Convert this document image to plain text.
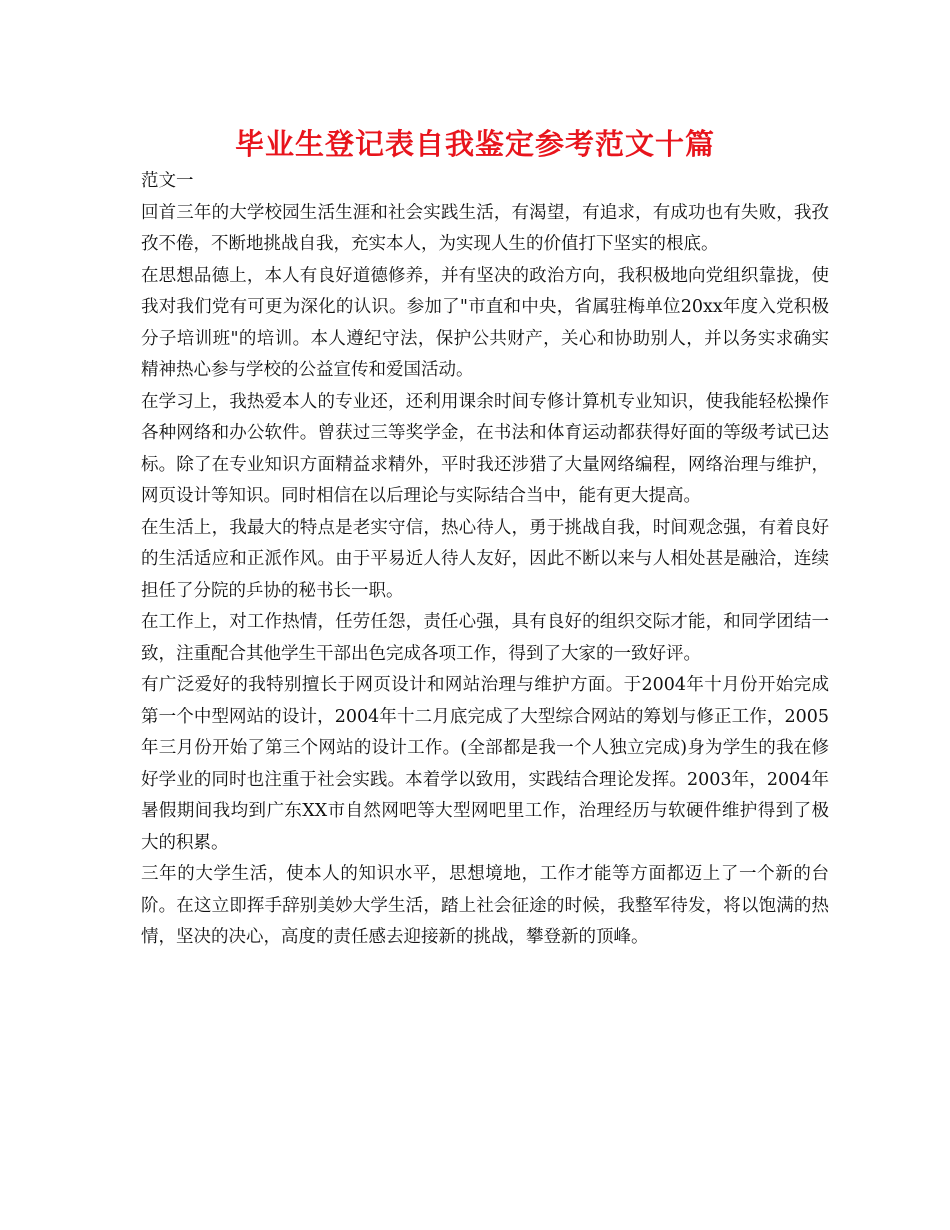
毕业生登记表自我鉴定参考范文十篇

范文一

回首三年的大学校园生活生涯和社会实践生活，有渴望，有追求，有成功也有失败，我孜孜不倦，不断地挑战自我，充实本人，为实现人生的价值打下坚实的根底。

在思想品德上，本人有良好道德修养，并有坚决的政治方向，我积极地向党组织靠拢，使我对我们党有可更为深化的认识。参加了"市直和中央，省属驻梅单位20xx年度入党积极分子培训班"的培训。本人遵纪守法，保护公共财产，关心和协助别人，并以务实求确实精神热心参与学校的公益宣传和爱国活动。

在学习上，我热爱本人的专业还，还利用课余时间专修计算机专业知识，使我能轻松操作各种网络和办公软件。曾获过三等奖学金，在书法和体育运动都获得好面的等级考试已达标。除了在专业知识方面精益求精外，平时我还涉猎了大量网络编程，网络治理与维护，网页设计等知识。同时相信在以后理论与实际结合当中，能有更大提高。

在生活上，我最大的特点是老实守信，热心待人，勇于挑战自我，时间观念强，有着良好的生活适应和正派作风。由于平易近人待人友好，因此不断以来与人相处甚是融洽，连续担任了分院的乒协的秘书长一职。

在工作上，对工作热情，任劳任怨，责任心强，具有良好的组织交际才能，和同学团结一致，注重配合其他学生干部出色完成各项工作，得到了大家的一致好评。

有广泛爱好的我特别擅长于网页设计和网站治理与维护方面。于2004年十月份开始完成第一个中型网站的设计，2004年十二月底完成了大型综合网站的筹划与修正工作，2005年三月份开始了第三个网站的设计工作。(全部都是我一个人独立完成)身为学生的我在修好学业的同时也注重于社会实践。本着学以致用，实践结合理论发挥。2003年，2004年暑假期间我均到广东XX市自然网吧等大型网吧里工作，治理经历与软硬件维护得到了极大的积累。

三年的大学生活，使本人的知识水平，思想境地，工作才能等方面都迈上了一个新的台阶。在这立即挥手辞别美妙大学生活，踏上社会征途的时候，我整军待发，将以饱满的热情，坚决的决心，高度的责任感去迎接新的挑战，攀登新的顶峰。
